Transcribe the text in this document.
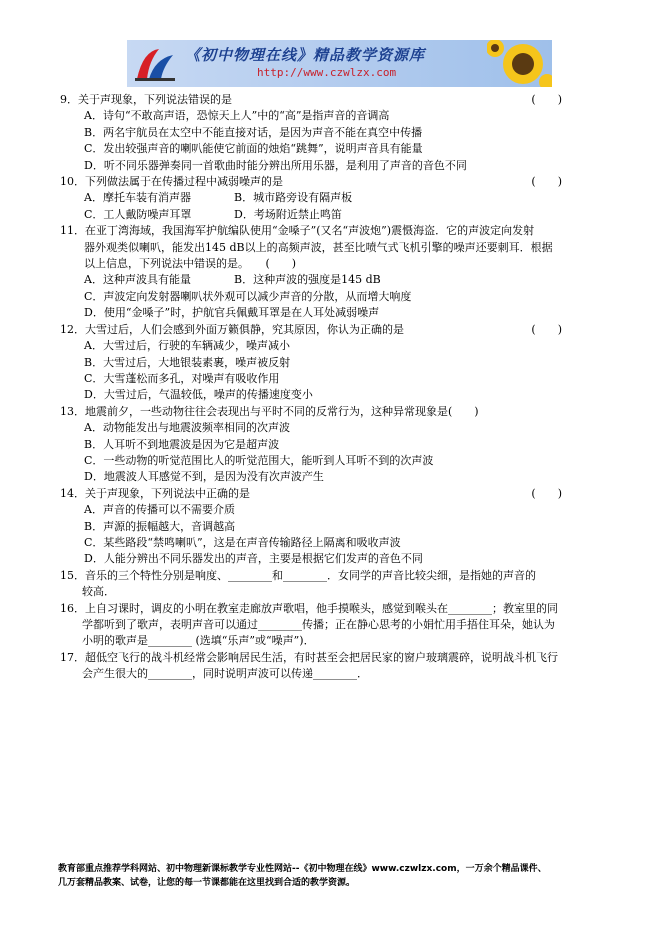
《初中物理在线》精品教学资源库
http://www.czwlzx.com
9．关于声现象，下列说法错误的是	(　　)
A．诗句“不敢高声语，恐惊天上人”中的“高”是指声音的音调高
B．两名宇航员在太空中不能直接对话，是因为声音不能在真空中传播
C．发出较强声音的喇叭能使它前面的烛焰“跳舞”，说明声音具有能量
D．听不同乐器弹奏同一首歌曲时能分辨出所用乐器，是利用了声音的音色不同
10．下列做法属于在传播过程中减弱噪声的是	(　　)
A．摩托车装有消声器	B．城市路旁设有隔声板
C．工人戴防噪声耳罩	D．考场附近禁止鸣笛
11．在亚丁湾海域，我国海军护航编队使用“金嗓子”(又名“声波炮”)震慑海盗．它的声波定向发射
器外观类似喇叭，能发出145 dB以上的高频声波，甚至比喷气式飞机引擎的噪声还要刺耳．根据
以上信息，下列说法中错误的是。　　(　　)
A．这种声波具有能量	B．这种声波的强度是145 dB
C．声波定向发射器喇叭状外观可以减少声音的分散，从而增大响度
D．使用“金嗓子”时，护航官兵佩戴耳罩是在人耳处减弱噪声
12．大雪过后，人们会感到外面万籁俱静，究其原因，你认为正确的是	(　　)
A．大雪过后，行驶的车辆减少，噪声减小
B．大雪过后，大地银装素裹，噪声被反射
C．大雪蓬松而多孔，对噪声有吸收作用
D．大雪过后，气温较低，噪声的传播速度变小
13．地震前夕，一些动物往往会表现出与平时不同的反常行为，这种异常现象是(　　)
A．动物能发出与地震波频率相同的次声波
B．人耳听不到地震波是因为它是超声波
C．一些动物的听觉范围比人的听觉范围大，能听到人耳听不到的次声波
D．地震波人耳感觉不到，是因为没有次声波产生
14．关于声现象，下列说法中正确的是	(　　)
A．声音的传播可以不需要介质
B．声源的振幅越大，音调越高
C．某些路段“禁鸣喇叭”，这是在声音传输路径上隔离和吸收声波
D．人能分辨出不同乐器发出的声音，主要是根据它们发声的音色不同
15．音乐的三个特性分别是响度、________和________．女同学的声音比较尖细，是指她的声音的
　　较高．
16．上自习课时，调皮的小明在教室走廊放声歌唱，他手摸喉头，感觉到喉头在________；教室里的同
　　学都听到了歌声，表明声音可以通过________传播；正在静心思考的小娟忙用手捂住耳朵，她认为
　　小明的歌声是________ (选填“乐声”或“噪声”)．
17．超低空飞行的战斗机经常会影响居民生活，有时甚至会把居民家的窗户玻璃震碎，说明战斗机飞行
　　会产生很大的________，同时说明声波可以传递________．
教育部重点推荐学科网站、初中物理新课标教学专业性网站--《初中物理在线》www.czwlzx.com，一万余个精品课件、
几万套精品教案、试卷，让您的每一节课都能在这里找到合适的教学资源。
